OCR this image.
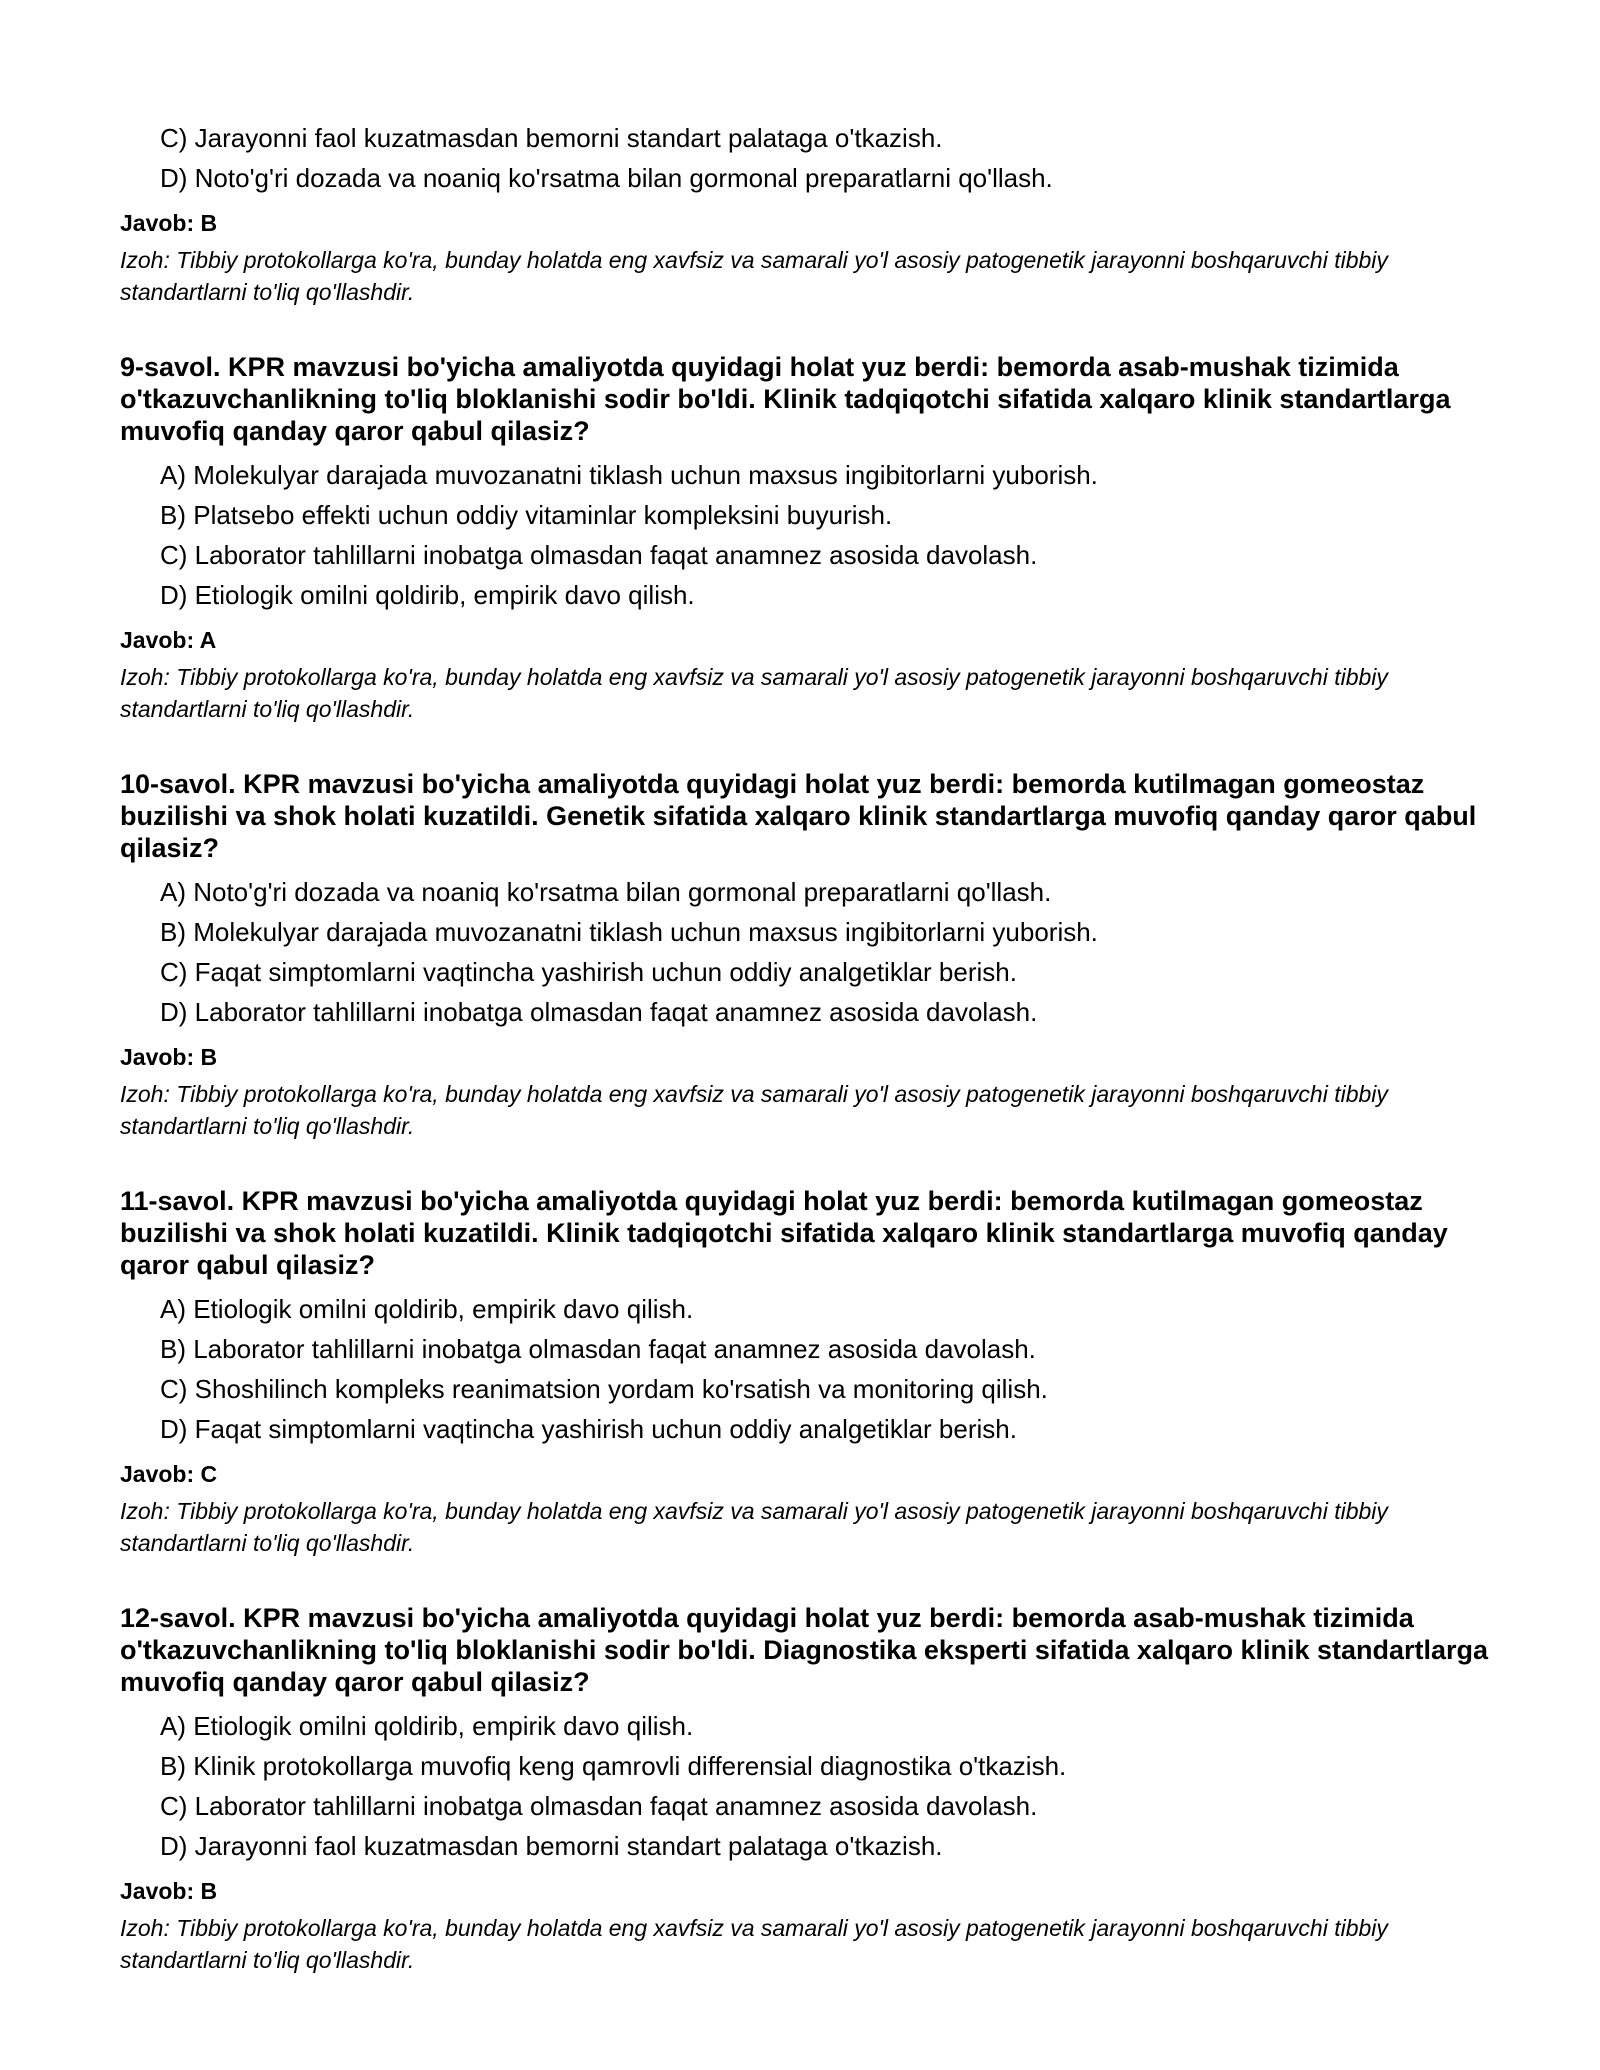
C) Jarayonni faol kuzatmasdan bemorni standart palataga o'tkazish.
D) Noto'g'ri dozada va noaniq ko'rsatma bilan gormonal preparatlarni qo'llash.
Javob: B
Izoh: Tibbiy protokollarga ko'ra, bunday holatda eng xavfsiz va samarali yo'l asosiy patogenetik jarayonni boshqaruvchi tibbiy standartlarni to'liq qo'llashdir.
9-savol. KPR mavzusi bo'yicha amaliyotda quyidagi holat yuz berdi: bemorda asab-mushak tizimida o'tkazuvchanlikning to'liq bloklanishi sodir bo'ldi. Klinik tadqiqotchi sifatida xalqaro klinik standartlarga muvofiq qanday qaror qabul qilasiz?
A) Molekulyar darajada muvozanatni tiklash uchun maxsus ingibitorlarni yuborish.
B) Platsebo effekti uchun oddiy vitaminlar kompleksini buyurish.
C) Laborator tahlillarni inobatga olmasdan faqat anamnez asosida davolash.
D) Etiologik omilni qoldirib, empirik davo qilish.
Javob: A
Izoh: Tibbiy protokollarga ko'ra, bunday holatda eng xavfsiz va samarali yo'l asosiy patogenetik jarayonni boshqaruvchi tibbiy standartlarni to'liq qo'llashdir.
10-savol. KPR mavzusi bo'yicha amaliyotda quyidagi holat yuz berdi: bemorda kutilmagan gomeostaz buzilishi va shok holati kuzatildi. Genetik sifatida xalqaro klinik standartlarga muvofiq qanday qaror qabul qilasiz?
A) Noto'g'ri dozada va noaniq ko'rsatma bilan gormonal preparatlarni qo'llash.
B) Molekulyar darajada muvozanatni tiklash uchun maxsus ingibitorlarni yuborish.
C) Faqat simptomlarni vaqtincha yashirish uchun oddiy analgetiklar berish.
D) Laborator tahlillarni inobatga olmasdan faqat anamnez asosida davolash.
Javob: B
Izoh: Tibbiy protokollarga ko'ra, bunday holatda eng xavfsiz va samarali yo'l asosiy patogenetik jarayonni boshqaruvchi tibbiy standartlarni to'liq qo'llashdir.
11-savol. KPR mavzusi bo'yicha amaliyotda quyidagi holat yuz berdi: bemorda kutilmagan gomeostaz buzilishi va shok holati kuzatildi. Klinik tadqiqotchi sifatida xalqaro klinik standartlarga muvofiq qanday qaror qabul qilasiz?
A) Etiologik omilni qoldirib, empirik davo qilish.
B) Laborator tahlillarni inobatga olmasdan faqat anamnez asosida davolash.
C) Shoshilinch kompleks reanimatsion yordam ko'rsatish va monitoring qilish.
D) Faqat simptomlarni vaqtincha yashirish uchun oddiy analgetiklar berish.
Javob: C
Izoh: Tibbiy protokollarga ko'ra, bunday holatda eng xavfsiz va samarali yo'l asosiy patogenetik jarayonni boshqaruvchi tibbiy standartlarni to'liq qo'llashdir.
12-savol. KPR mavzusi bo'yicha amaliyotda quyidagi holat yuz berdi: bemorda asab-mushak tizimida o'tkazuvchanlikning to'liq bloklanishi sodir bo'ldi. Diagnostika eksperti sifatida xalqaro klinik standartlarga muvofiq qanday qaror qabul qilasiz?
A) Etiologik omilni qoldirib, empirik davo qilish.
B) Klinik protokollarga muvofiq keng qamrovli differensial diagnostika o'tkazish.
C) Laborator tahlillarni inobatga olmasdan faqat anamnez asosida davolash.
D) Jarayonni faol kuzatmasdan bemorni standart palataga o'tkazish.
Javob: B
Izoh: Tibbiy protokollarga ko'ra, bunday holatda eng xavfsiz va samarali yo'l asosiy patogenetik jarayonni boshqaruvchi tibbiy standartlarni to'liq qo'llashdir.
